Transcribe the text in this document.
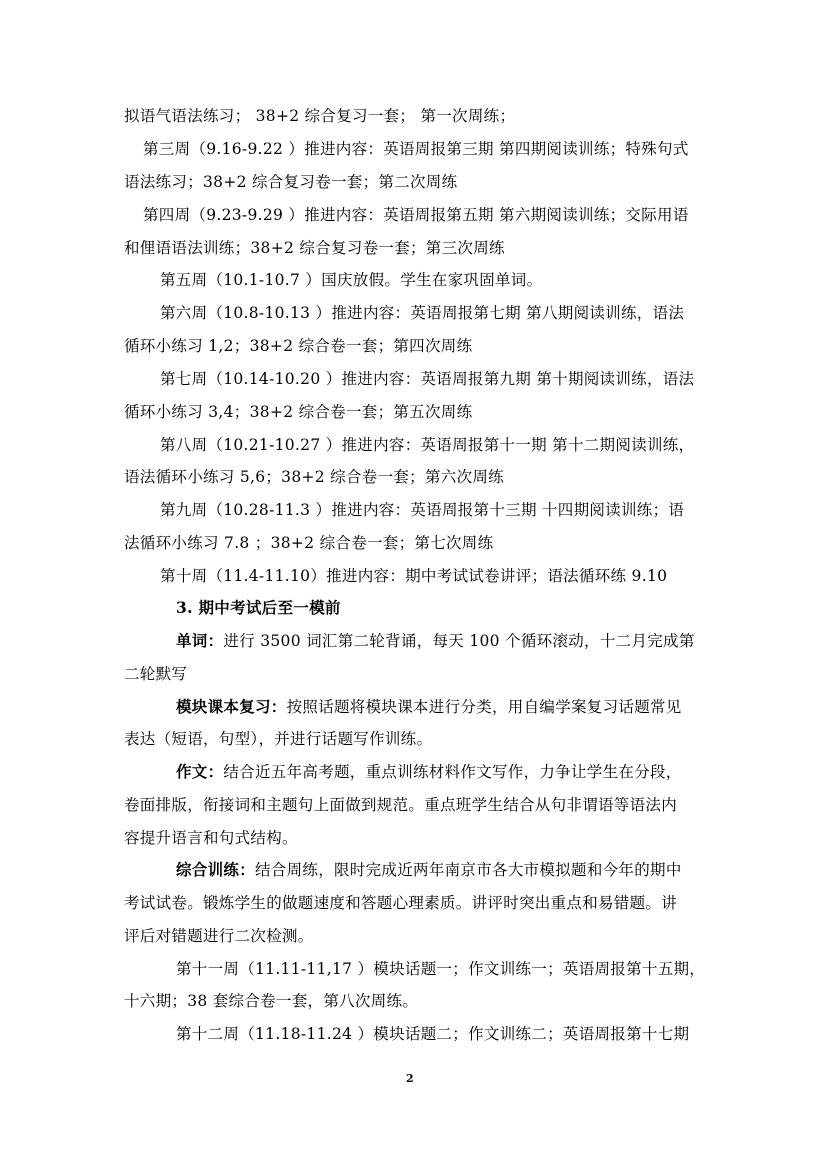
拟语气语法练习； 38+2 综合复习一套； 第一次周练；
第三周（9.16-9.22 ）推进内容：英语周报第三期 第四期阅读训练；特殊句式
语法练习；38+2 综合复习卷一套；第二次周练
第四周（9.23-9.29 ）推进内容：英语周报第五期 第六期阅读训练；交际用语
和俚语语法训练；38+2 综合复习卷一套；第三次周练
第五周（10.1-10.7 ）国庆放假。学生在家巩固单词。
第六周（10.8-10.13 ）推进内容：英语周报第七期 第八期阅读训练，语法
循环小练习 1,2；38+2 综合卷一套；第四次周练
第七周（10.14-10.20 ）推进内容：英语周报第九期 第十期阅读训练，语法
循环小练习 3,4；38+2 综合卷一套；第五次周练
第八周（10.21-10.27 ）推进内容：英语周报第十一期 第十二期阅读训练，
语法循环小练习 5,6；38+2 综合卷一套；第六次周练
第九周（10.28-11.3 ）推进内容：英语周报第十三期 十四期阅读训练；语
法循环小练习 7.8 ；38+2 综合卷一套；第七次周练
第十周（11.4-11.10）推进内容：期中考试试卷讲评；语法循环练 9.10
3. 期中考试后至一模前
单词：进行 3500 词汇第二轮背诵，每天 100 个循环滚动，十二月完成第
二轮默写
模块课本复习：按照话题将模块课本进行分类，用自编学案复习话题常见
表达（短语，句型），并进行话题写作训练。
作文：结合近五年高考题，重点训练材料作文写作，力争让学生在分段，
卷面排版，衔接词和主题句上面做到规范。重点班学生结合从句非谓语等语法内
容提升语言和句式结构。
综合训练：结合周练，限时完成近两年南京市各大市模拟题和今年的期中
考试试卷。锻炼学生的做题速度和答题心理素质。讲评时突出重点和易错题。讲
评后对错题进行二次检测。
第十一周（11.11-11,17 ）模块话题一；作文训练一；英语周报第十五期，
十六期；38 套综合卷一套，第八次周练。
第十二周（11.18-11.24 ）模块话题二；作文训练二；英语周报第十七期
2
